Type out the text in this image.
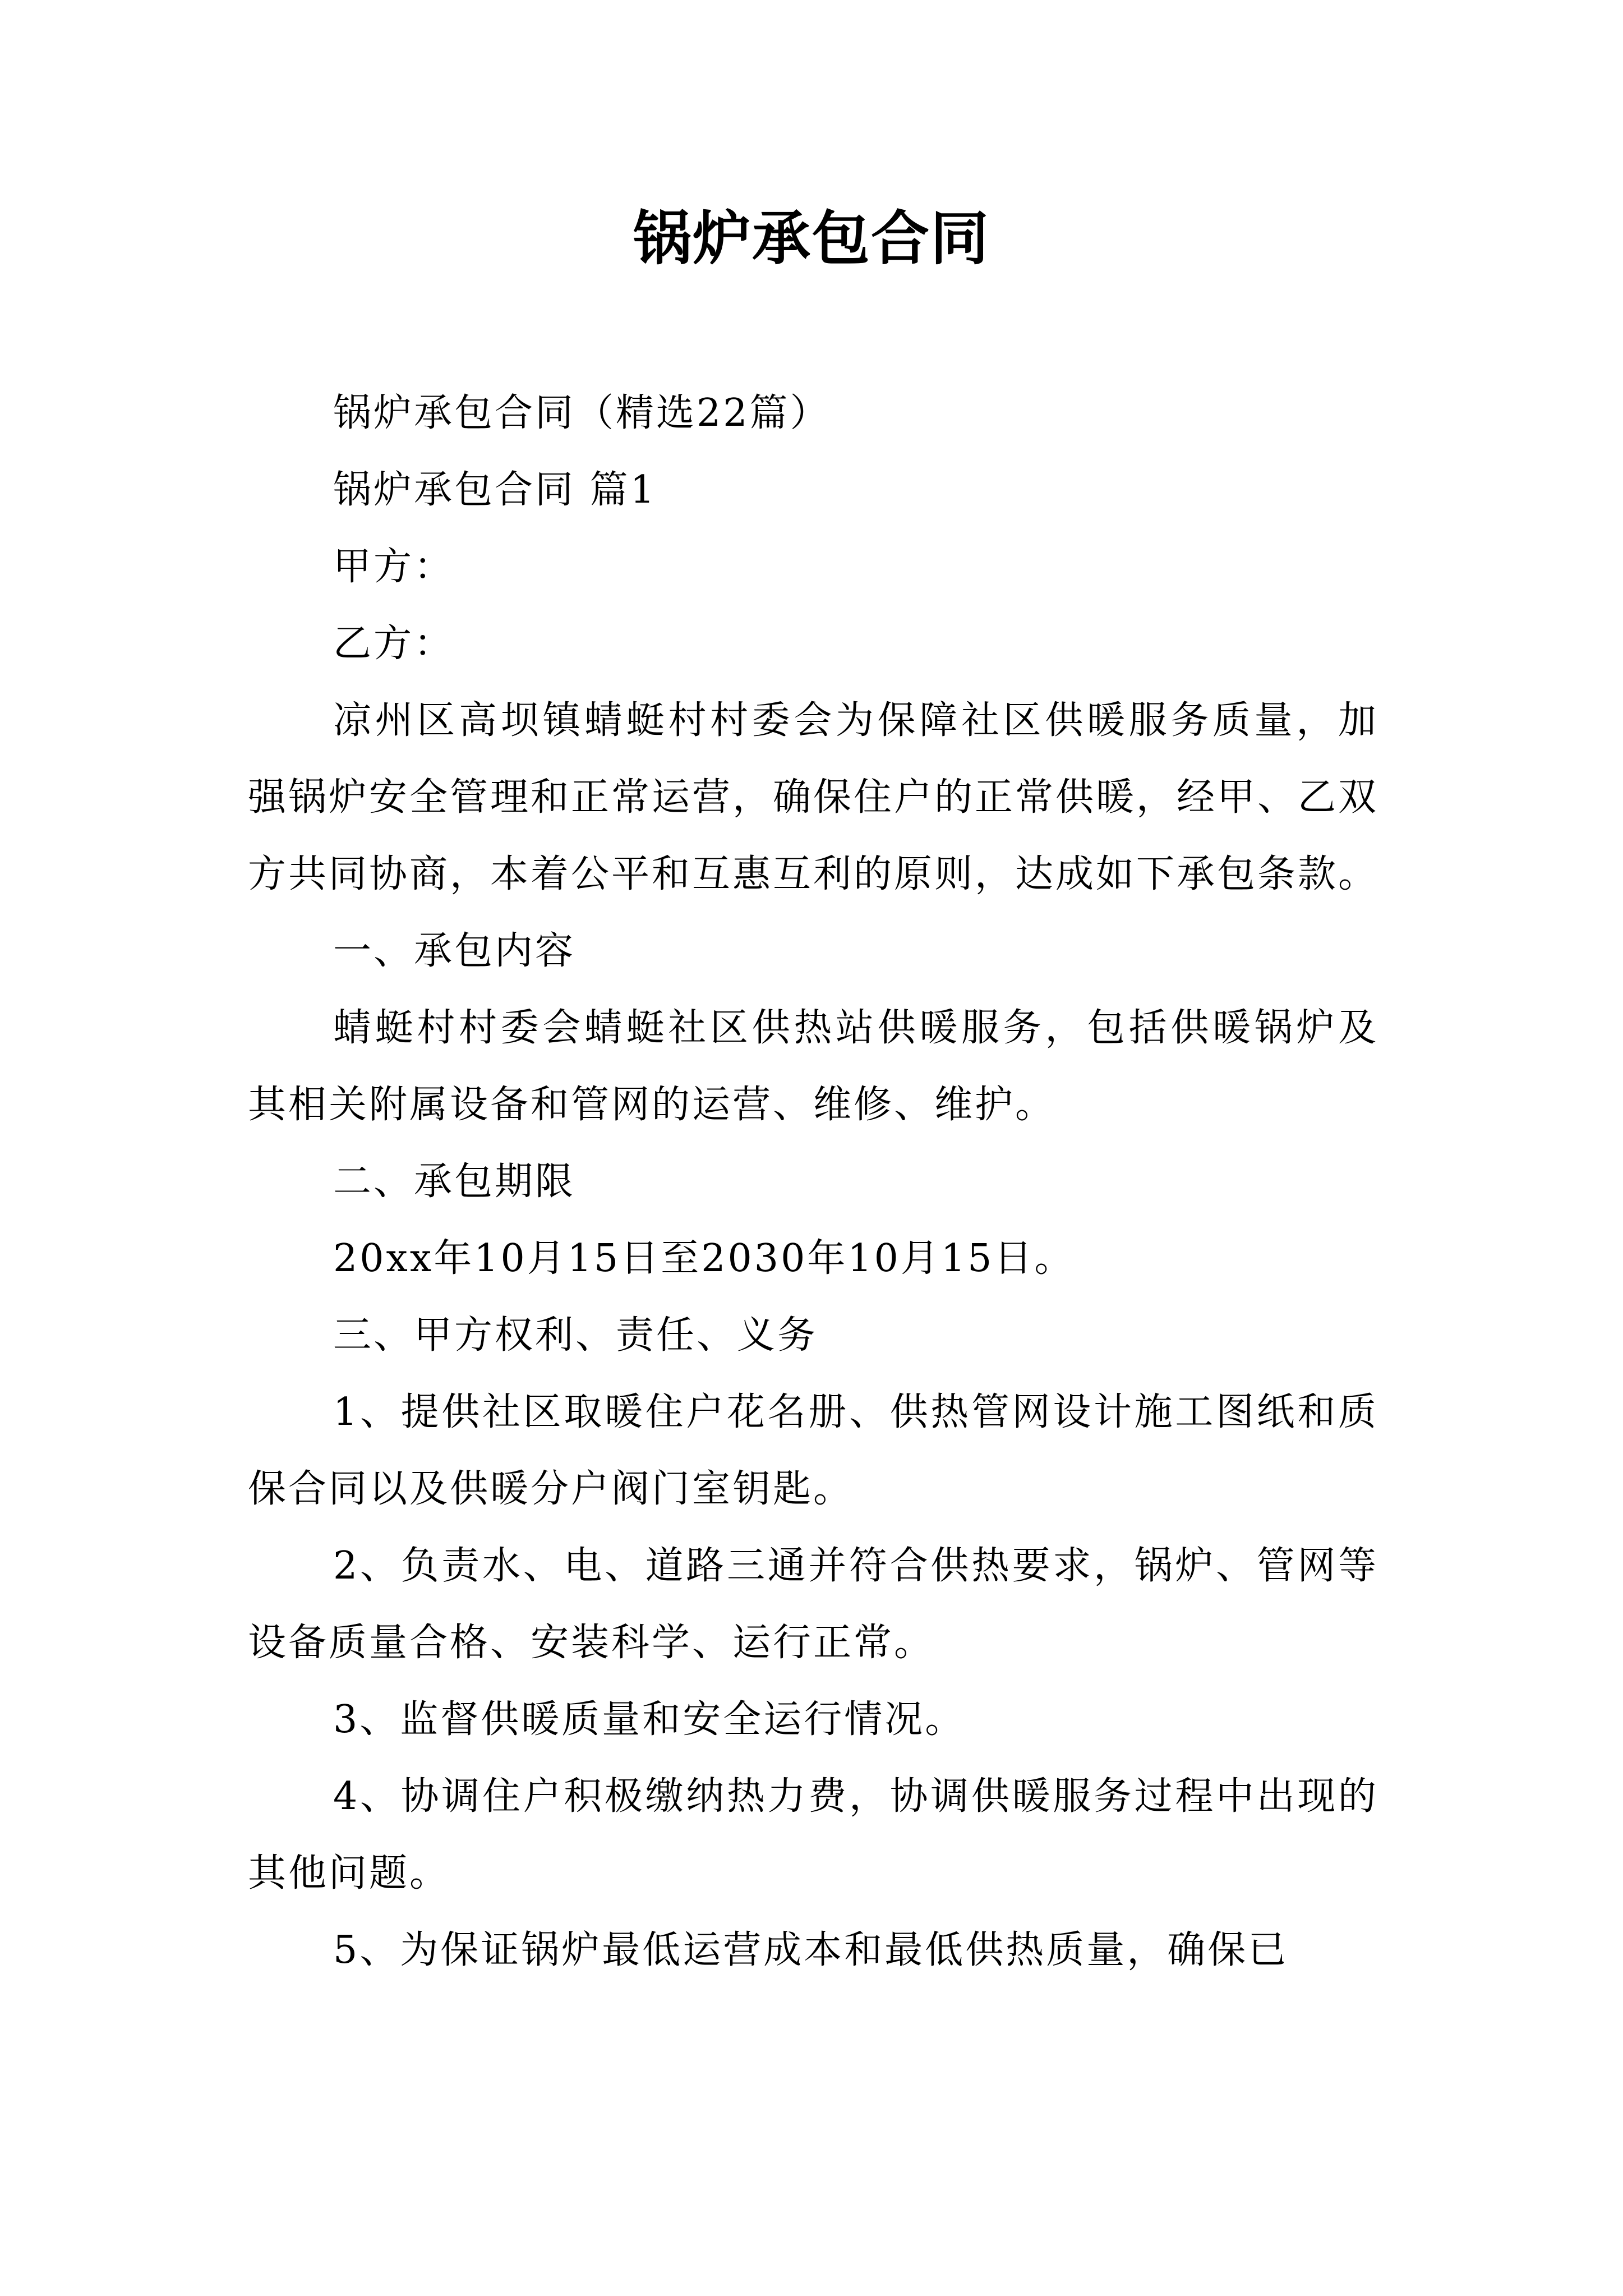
锅炉承包合同

锅炉承包合同（精选22篇）

锅炉承包合同 篇1

甲方：

乙方：

凉州区高坝镇蜻蜓村村委会为保障社区供暖服务质量，加强锅炉安全管理和正常运营，确保住户的正常供暖，经甲、乙双方共同协商，本着公平和互惠互利的原则，达成如下承包条款。

一、承包内容

蜻蜓村村委会蜻蜓社区供热站供暖服务，包括供暖锅炉及其相关附属设备和管网的运营、维修、维护。

二、承包期限

20xx年10月15日至2030年10月15日。

三、甲方权利、责任、义务

1、提供社区取暖住户花名册、供热管网设计施工图纸和质保合同以及供暖分户阀门室钥匙。

2、负责水、电、道路三通并符合供热要求，锅炉、管网等设备质量合格、安装科学、运行正常。

3、监督供暖质量和安全运行情况。

4、协调住户积极缴纳热力费，协调供暖服务过程中出现的其他问题。

5、为保证锅炉最低运营成本和最低供热质量，确保已
